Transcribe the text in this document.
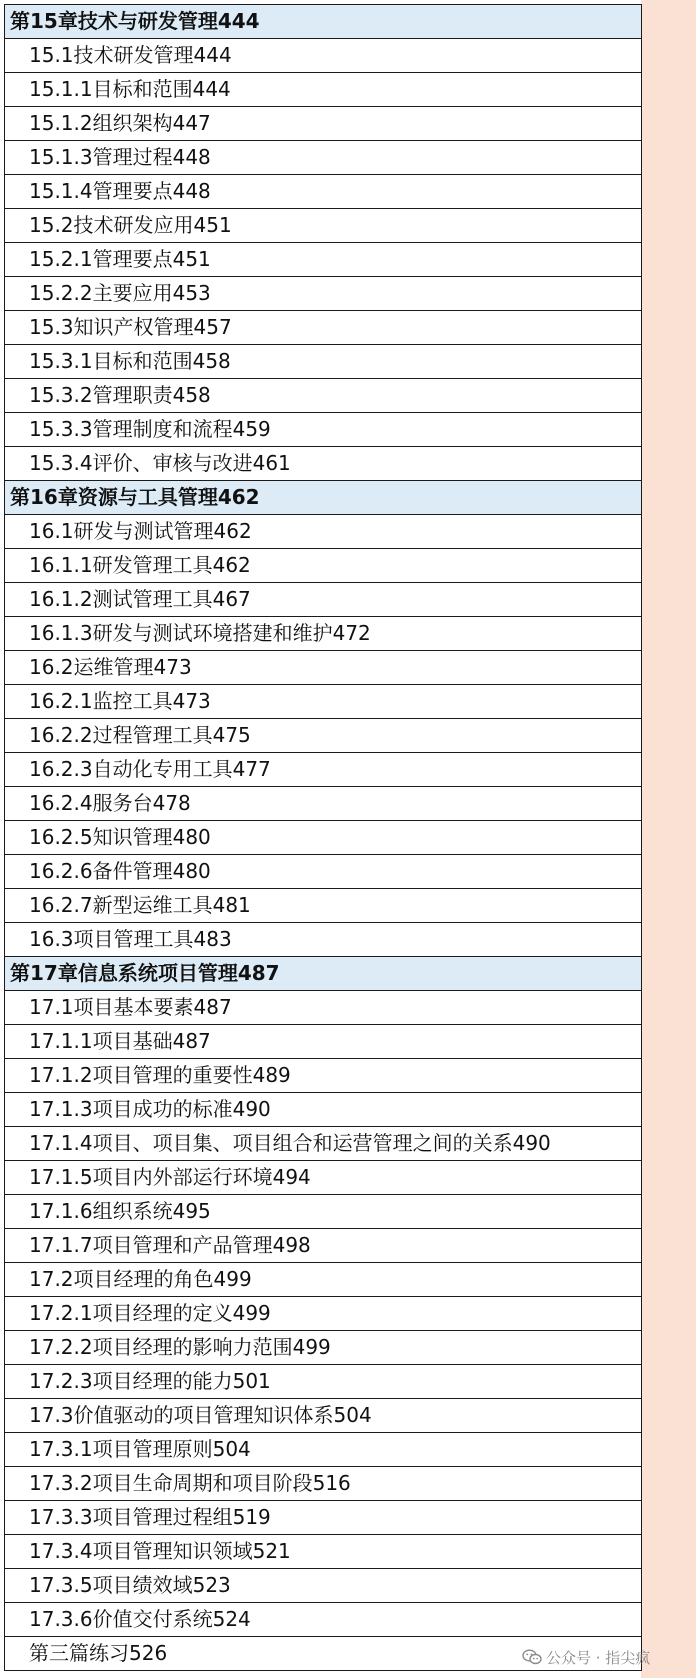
第15章技术与研发管理444
15.1技术研发管理444
15.1.1目标和范围444
15.1.2组织架构447
15.1.3管理过程448
15.1.4管理要点448
15.2技术研发应用451
15.2.1管理要点451
15.2.2主要应用453
15.3知识产权管理457
15.3.1目标和范围458
15.3.2管理职责458
15.3.3管理制度和流程459
15.3.4评价、审核与改进461
第16章资源与工具管理462
16.1研发与测试管理462
16.1.1研发管理工具462
16.1.2测试管理工具467
16.1.3研发与测试环境搭建和维护472
16.2运维管理473
16.2.1监控工具473
16.2.2过程管理工具475
16.2.3自动化专用工具477
16.2.4服务台478
16.2.5知识管理480
16.2.6备件管理480
16.2.7新型运维工具481
16.3项目管理工具483
第17章信息系统项目管理487
17.1项目基本要素487
17.1.1项目基础487
17.1.2项目管理的重要性489
17.1.3项目成功的标准490
17.1.4项目、项目集、项目组合和运营管理之间的关系490
17.1.5项目内外部运行环境494
17.1.6组织系统495
17.1.7项目管理和产品管理498
17.2项目经理的角色499
17.2.1项目经理的定义499
17.2.2项目经理的影响力范围499
17.2.3项目经理的能力501
17.3价值驱动的项目管理知识体系504
17.3.1项目管理原则504
17.3.2项目生命周期和项目阶段516
17.3.3项目管理过程组519
17.3.4项目管理知识领域521
17.3.5项目绩效域523
17.3.6价值交付系统524
第三篇练习526	公众号 · 指尖疯
